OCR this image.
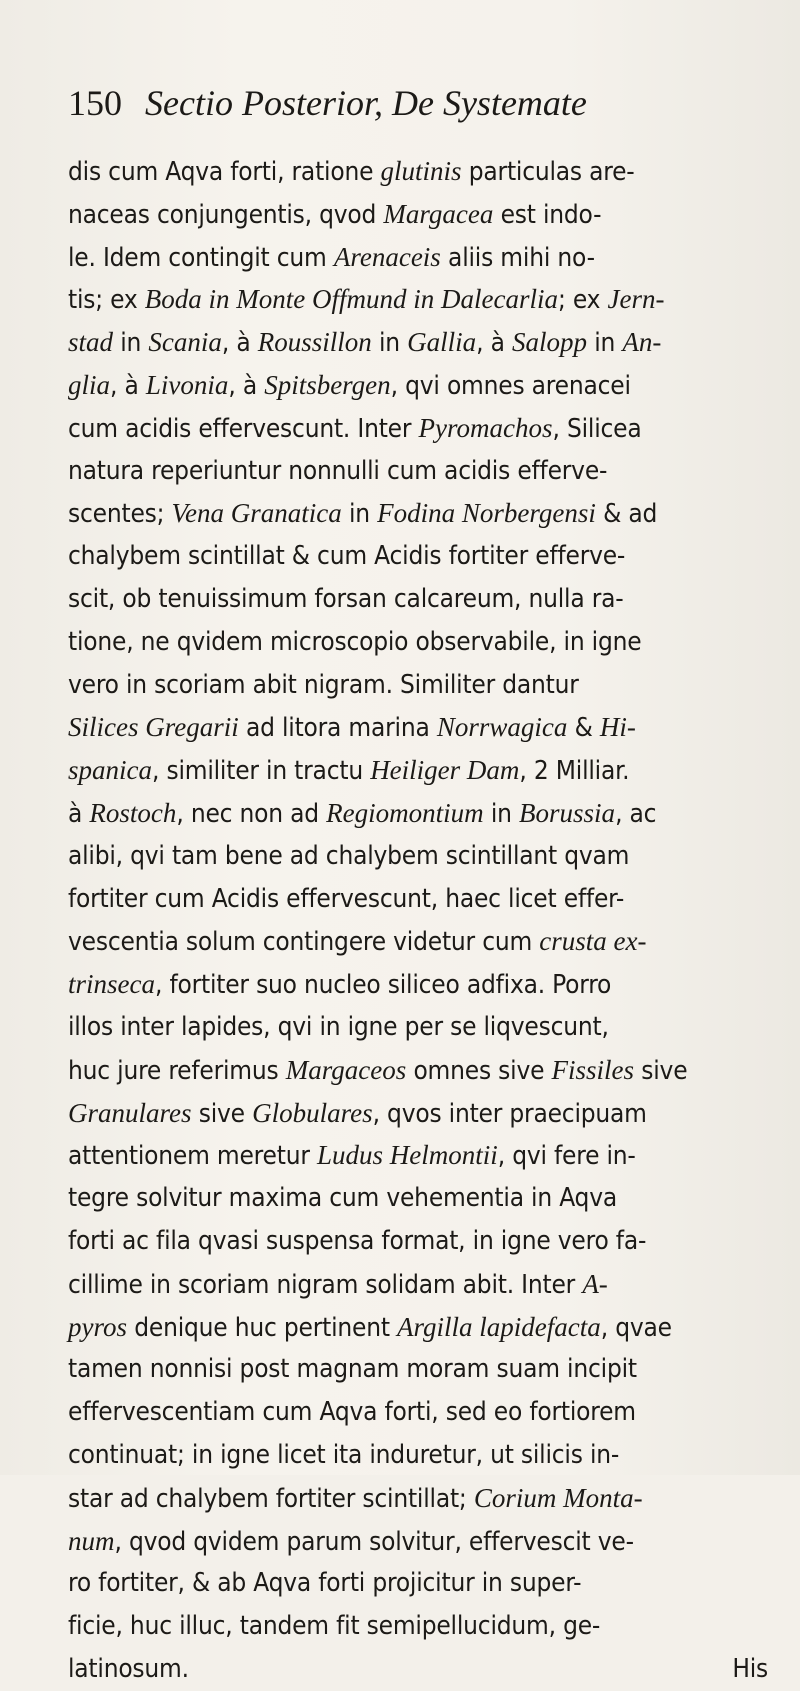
150 Sectio Posterior, De Systemate
dis cum Aqva forti, ratione glutinis particulas are-
naceas conjungentis, qvod Margacea est indo-
le. Idem contingit cum Arenaceis aliis mihi no-
tis; ex Boda in Monte Offmund in Dalecarlia; ex Jern-
stad in Scania, à Roussillon in Gallia, à Salopp in An-
glia, à Livonia, à Spitsbergen, qvi omnes arenacei
cum acidis effervescunt. Inter Pyromachos, Silicea
natura reperiuntur nonnulli cum acidis efferve-
scentes; Vena Granatica in Fodina Norbergensi & ad
chalybem scintillat & cum Acidis fortiter efferve-
scit, ob tenuissimum forsan calcareum, nulla ra-
tione, ne qvidem microscopio observabile, in igne
vero in scoriam abit nigram. Similiter dantur
Silices Gregarii ad litora marina Norrwagica & Hi-
spanica, similiter in tractu Heiliger Dam, 2 Milliar.
à Rostoch, nec non ad Regiomontium in Borussia, ac
alibi, qvi tam bene ad chalybem scintillant qvam
fortiter cum Acidis effervescunt, haec licet effer-
vescentia solum contingere videtur cum crusta ex-
trinseca, fortiter suo nucleo siliceo adfixa. Porro
illos inter lapides, qvi in igne per se liqvescunt,
huc jure referimus Margaceos omnes sive Fissiles sive
Granulares sive Globulares, qvos inter praecipuam
attentionem meretur Ludus Helmontii, qvi fere in-
tegre solvitur maxima cum vehementia in Aqva
forti ac fila qvasi suspensa format, in igne vero fa-
cillime in scoriam nigram solidam abit. Inter A-
pyros denique huc pertinent Argilla lapidefacta, qvae
tamen nonnisi post magnam moram suam incipit
effervescentiam cum Aqva forti, sed eo fortiorem
continuat; in igne licet ita induretur, ut silicis in-
star ad chalybem fortiter scintillat; Corium Monta-
num, qvod qvidem parum solvitur, effervescit ve-
ro fortiter, & ab Aqva forti projicitur in super-
ficie, huc illuc, tandem fit semipellucidum, ge-
latinosum.	His
